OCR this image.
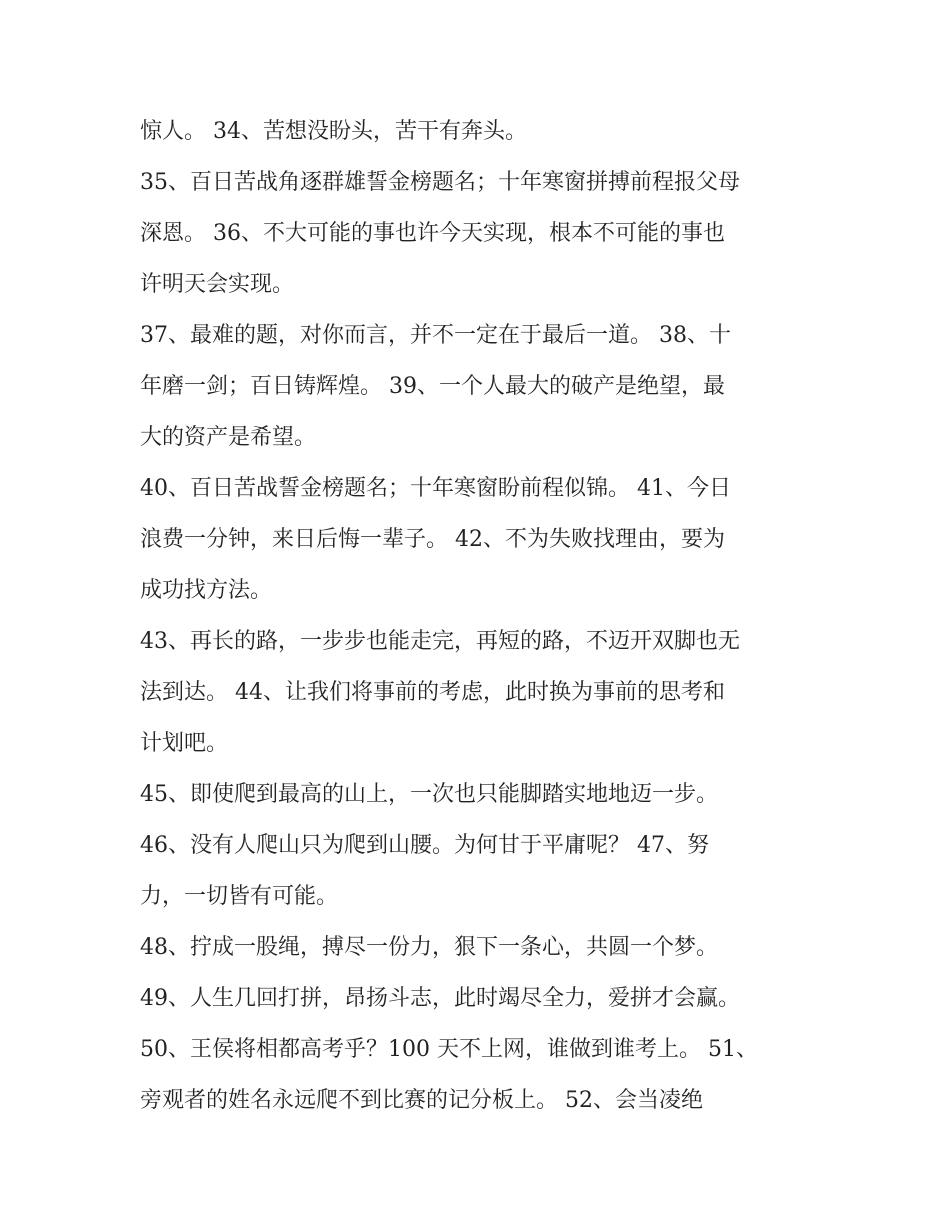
惊人。 34、苦想没盼头，苦干有奔头。
35、百日苦战角逐群雄誓金榜题名；十年寒窗拼搏前程报父母
深恩。 36、不大可能的事也许今天实现，根本不可能的事也
许明天会实现。
37、最难的题，对你而言，并不一定在于最后一道。 38、十
年磨一剑；百日铸辉煌。 39、一个人最大的破产是绝望，最
大的资产是希望。
40、百日苦战誓金榜题名；十年寒窗盼前程似锦。 41、今日
浪费一分钟，来日后悔一辈子。 42、不为失败找理由，要为
成功找方法。
43、再长的路，一步步也能走完，再短的路，不迈开双脚也无
法到达。 44、让我们将事前的考虑，此时换为事前的思考和
计划吧。
45、即使爬到最高的山上，一次也只能脚踏实地地迈一步。
46、没有人爬山只为爬到山腰。为何甘于平庸呢？ 47、努
力，一切皆有可能。
48、拧成一股绳，搏尽一份力，狠下一条心，共圆一个梦。
49、人生几回打拼，昂扬斗志，此时竭尽全力，爱拼才会赢。
50、王侯将相都高考乎？100 天不上网，谁做到谁考上。 51、
旁观者的姓名永远爬不到比赛的记分板上。 52、会当凌绝
